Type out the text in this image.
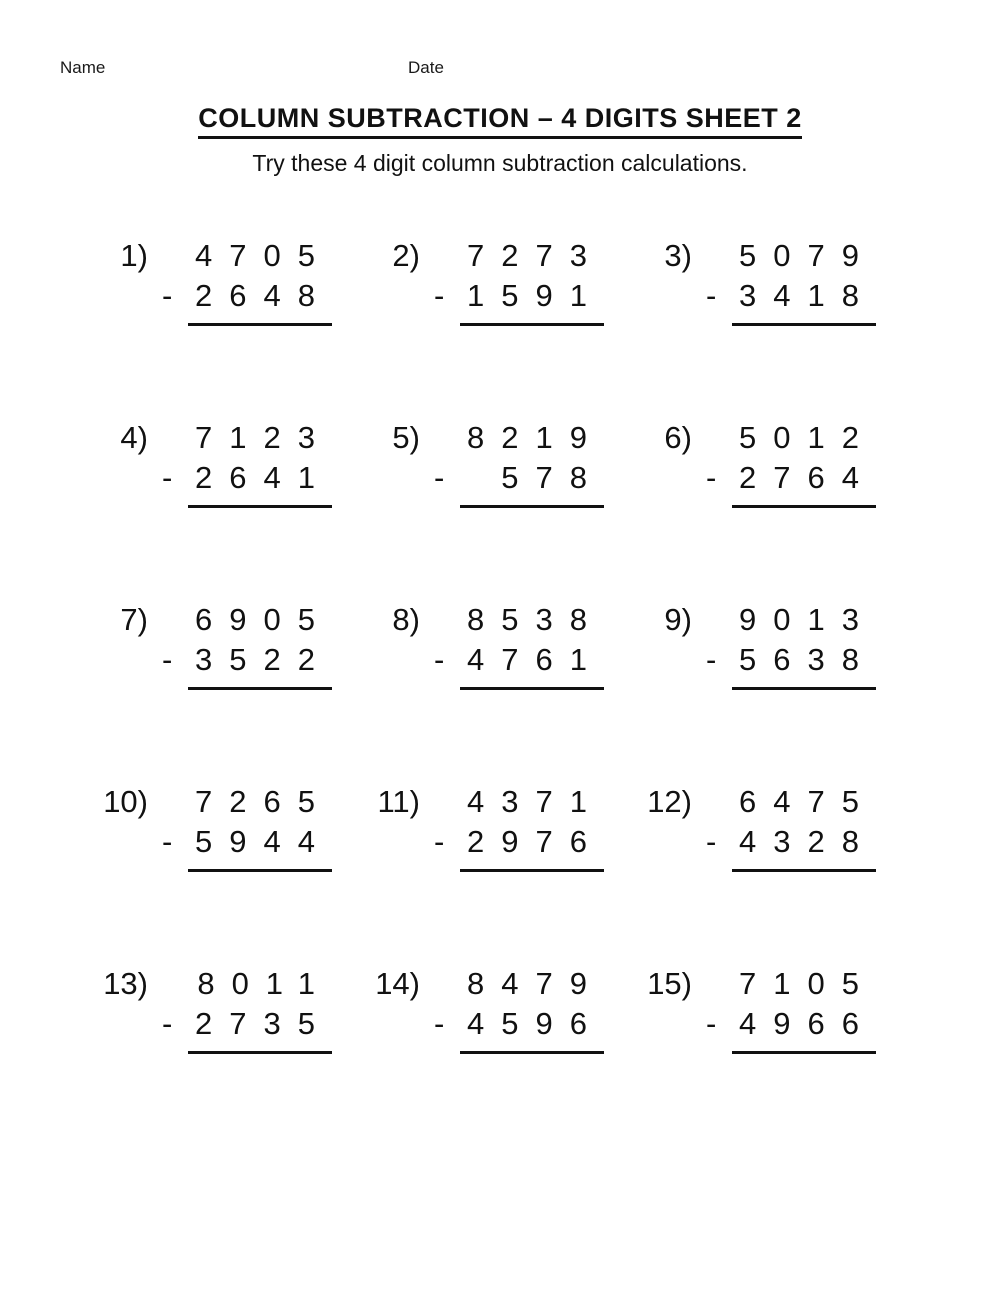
Name	Date
COLUMN SUBTRACTION – 4 DIGITS SHEET 2
Try these 4 digit column subtraction calculations.
1) 4705
- 2648
2) 7273
- 1591
3) 5079
- 3418
4) 7123
- 2641
5) 8219
- 578
6) 5012
- 2764
7) 6905
- 3522
8) 8538
- 4761
9) 9013
- 5638
10) 7265
- 5944
11) 4371
- 2976
12) 6475
- 4328
13) 8011
- 2735
14) 8479
- 4596
15) 7105
- 4966
